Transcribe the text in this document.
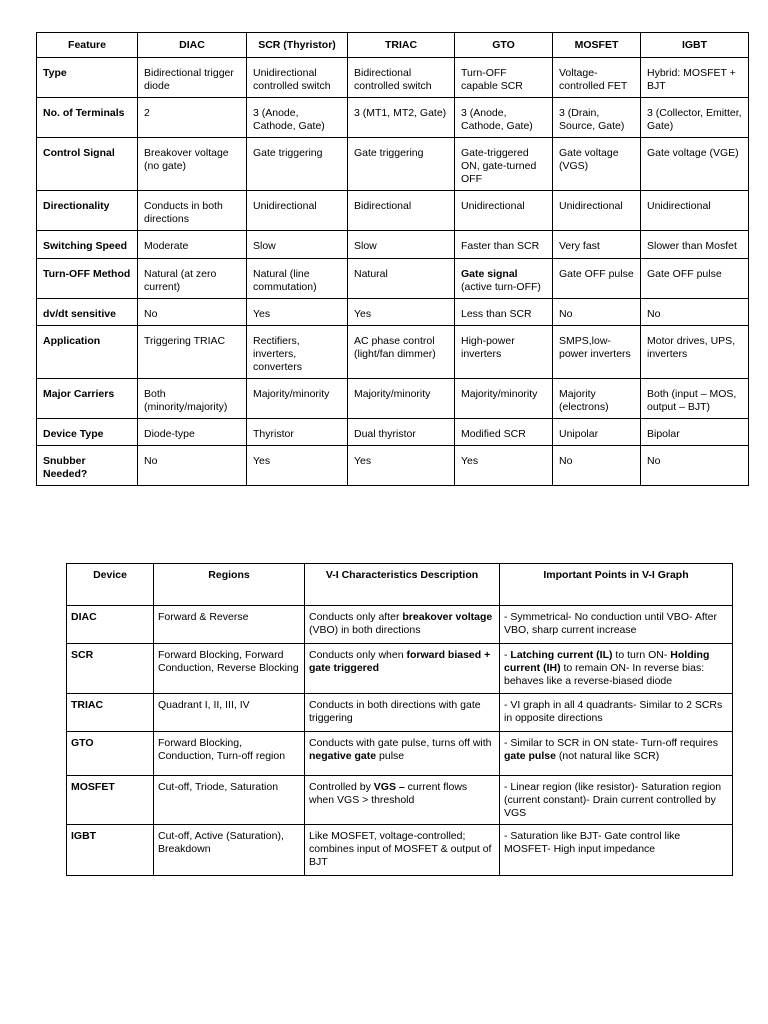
Feature	DIAC	SCR (Thyristor)	TRIAC	GTO	MOSFET	IGBT
Type	Bidirectional trigger diode	Unidirectional controlled switch	Bidirectional controlled switch	Turn-OFF capable SCR	Voltage-controlled FET	Hybrid: MOSFET + BJT
No. of Terminals	2	3 (Anode, Cathode, Gate)	3 (MT1, MT2, Gate)	3 (Anode, Cathode, Gate)	3 (Drain, Source, Gate)	3 (Collector, Emitter, Gate)
Control Signal	Breakover voltage (no gate)	Gate triggering	Gate triggering	Gate-triggered ON, gate-turned OFF	Gate voltage (VGS)	Gate voltage (VGE)
Directionality	Conducts in both directions	Unidirectional	Bidirectional	Unidirectional	Unidirectional	Unidirectional
Switching Speed	Moderate	Slow	Slow	Faster than SCR	Very fast	Slower than Mosfet
Turn-OFF Method	Natural (at zero current)	Natural (line commutation)	Natural	Gate signal (active turn-OFF)	Gate OFF pulse	Gate OFF pulse
dv/dt sensitive	No	Yes	Yes	Less than SCR	No	No
Application	Triggering TRIAC	Rectifiers, inverters, converters	AC phase control (light/fan dimmer)	High-power inverters	SMPS,low-power inverters	Motor drives, UPS, inverters
Major Carriers	Both (minority/majority)	Majority/minority	Majority/minority	Majority/minority	Majority (electrons)	Both (input – MOS, output – BJT)
Device Type	Diode-type	Thyristor	Dual thyristor	Modified SCR	Unipolar	Bipolar
Snubber Needed?	No	Yes	Yes	Yes	No	No
Device	Regions	V-I Characteristics Description	Important Points in V-I Graph
DIAC	Forward & Reverse	Conducts only after breakover voltage (VBO) in both directions	- Symmetrical- No conduction until VBO- After VBO, sharp current increase
SCR	Forward Blocking, Forward Conduction, Reverse Blocking	Conducts only when forward biased + gate triggered	- Latching current (IL) to turn ON- Holding current (IH) to remain ON- In reverse bias: behaves like a reverse-biased diode
TRIAC	Quadrant I, II, III, IV	Conducts in both directions with gate triggering	- VI graph in all 4 quadrants- Similar to 2 SCRs in opposite directions
GTO	Forward Blocking, Conduction, Turn-off region	Conducts with gate pulse, turns off with negative gate pulse	- Similar to SCR in ON state- Turn-off requires gate pulse (not natural like SCR)
MOSFET	Cut-off, Triode, Saturation	Controlled by VGS – current flows when VGS > threshold	- Linear region (like resistor)- Saturation region (current constant)- Drain current controlled by VGS
IGBT	Cut-off, Active (Saturation), Breakdown	Like MOSFET, voltage-controlled; combines input of MOSFET & output of BJT	- Saturation like BJT- Gate control like MOSFET- High input impedance
